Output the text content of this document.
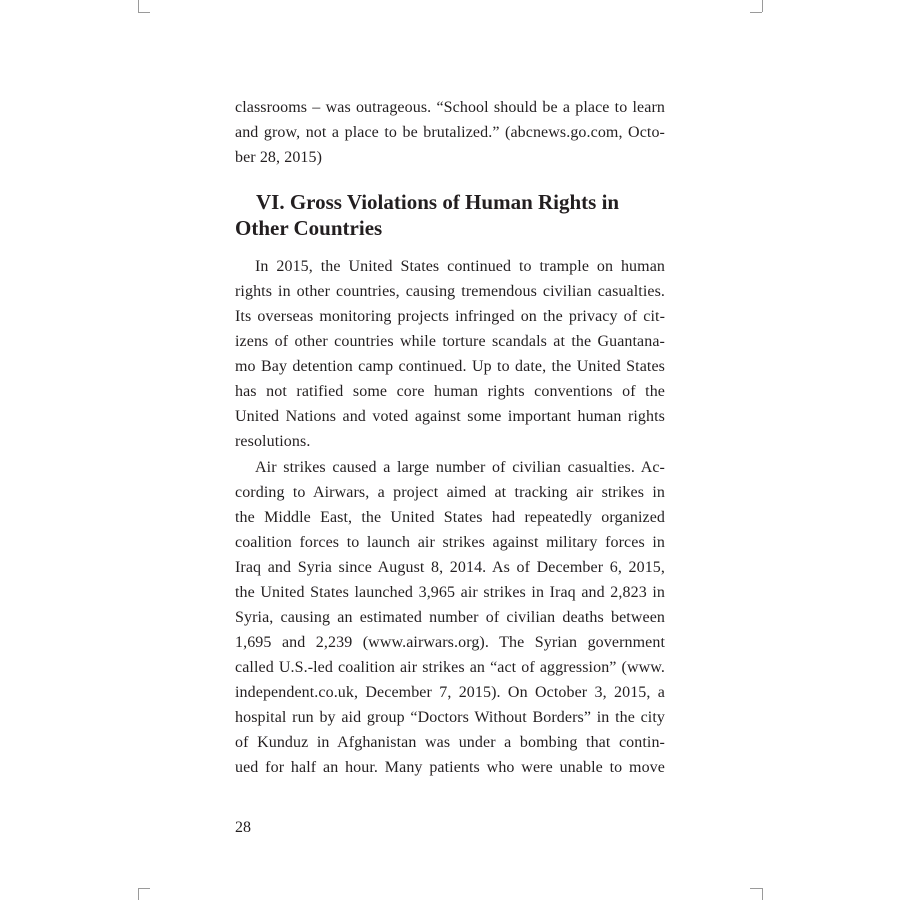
classrooms – was outrageous. “School should be a place to learn
and grow, not a place to be brutalized.” (abcnews.go.com, Octo-
ber 28, 2015)
VI. Gross Violations of Human Rights in
Other Countries
In 2015, the United States continued to trample on human
rights in other countries, causing tremendous civilian casualties.
Its overseas monitoring projects infringed on the privacy of cit-
izens of other countries while torture scandals at the Guantana-
mo Bay detention camp continued. Up to date, the United States
has not ratified some core human rights conventions of the
United Nations and voted against some important human rights
resolutions.
Air strikes caused a large number of civilian casualties. Ac-
cording to Airwars, a project aimed at tracking air strikes in
the Middle East, the United States had repeatedly organized
coalition forces to launch air strikes against military forces in
Iraq and Syria since August 8, 2014. As of December 6, 2015,
the United States launched 3,965 air strikes in Iraq and 2,823 in
Syria, causing an estimated number of civilian deaths between
1,695 and 2,239 (www.airwars.org). The Syrian government
called U.S.-led coalition air strikes an “act of aggression” (www.
independent.co.uk, December 7, 2015). On October 3, 2015, a
hospital run by aid group “Doctors Without Borders” in the city
of Kunduz in Afghanistan was under a bombing that contin-
ued for half an hour. Many patients who were unable to move
28
